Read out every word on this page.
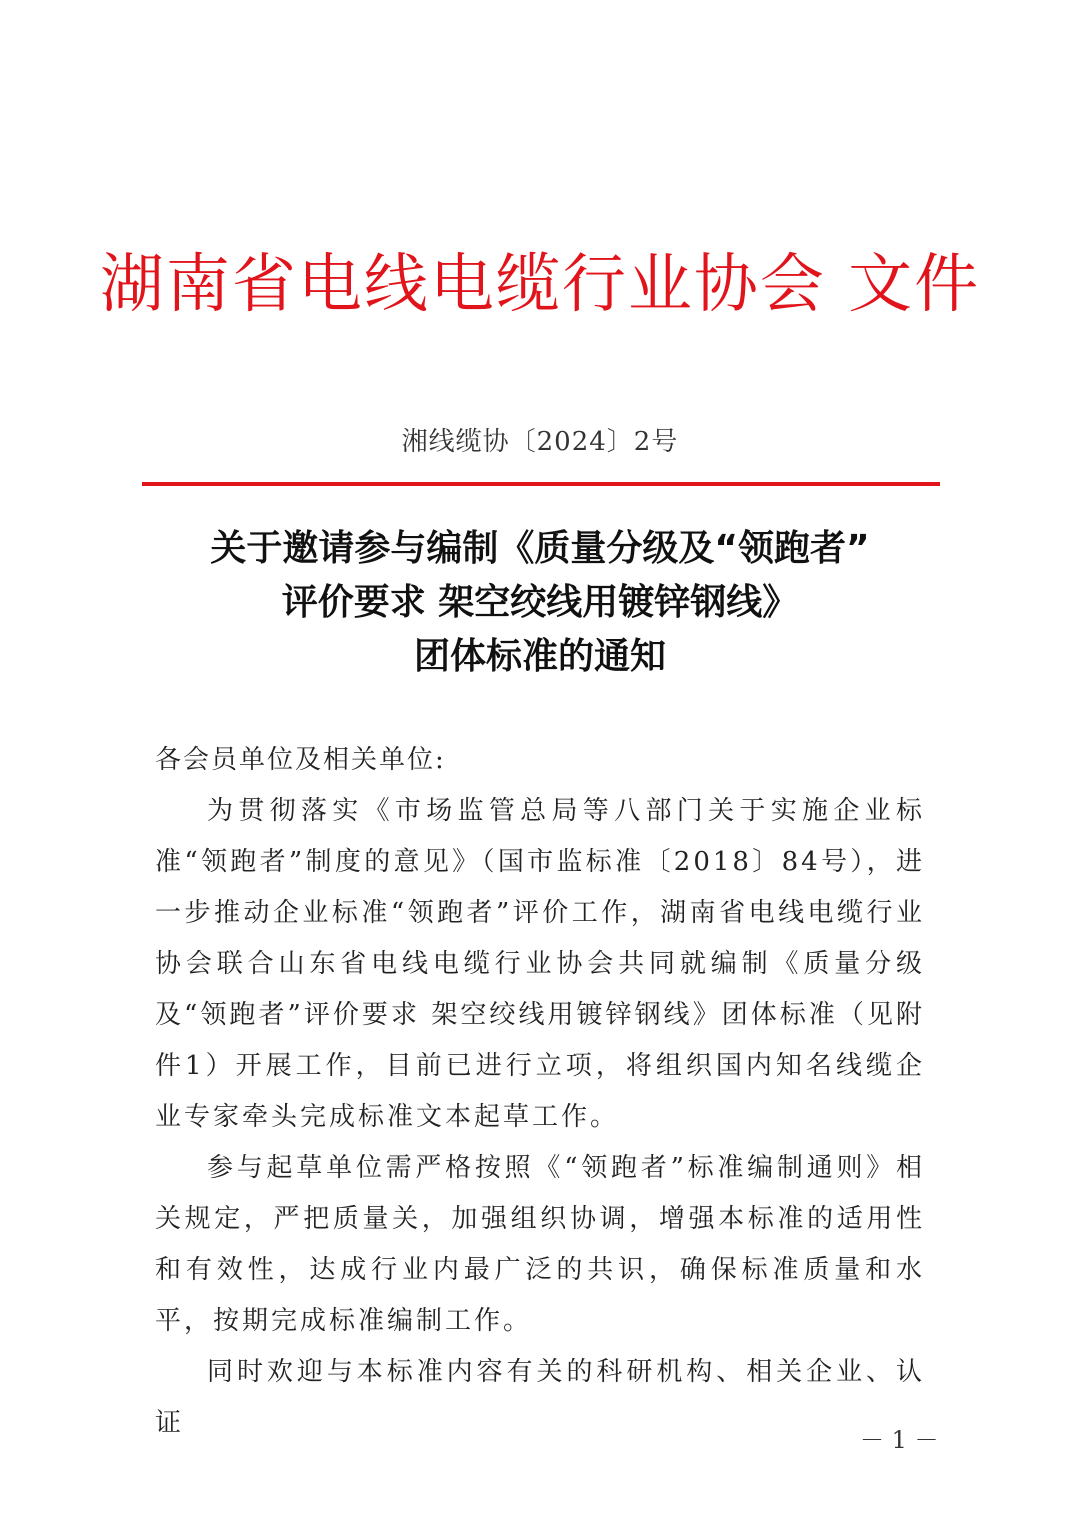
湖南省电线电缆行业协会 文件
湘线缆协〔2024〕2号
关于邀请参与编制《质量分级及“领跑者”
评价要求 架空绞线用镀锌钢线》
团体标准的通知

各会员单位及相关单位:

为贯彻落实《市场监管总局等八部门关于实施企业标准“领跑者”制度的意见》（国市监标准〔2018〕84号），进一步推动企业标准“领跑者”评价工作，湖南省电线电缆行业协会联合山东省电线电缆行业协会共同就编制《质量分级及“领跑者”评价要求 架空绞线用镀锌钢线》团体标准（见附件1）开展工作，目前已进行立项，将组织国内知名线缆企业专家牵头完成标准文本起草工作。

参与起草单位需严格按照《“领跑者”标准编制通则》相关规定，严把质量关，加强组织协调，增强本标准的适用性和有效性，达成行业内最广泛的共识，确保标准质量和水平，按期完成标准编制工作。

同时欢迎与本标准内容有关的科研机构、相关企业、认证

－ 1 －
